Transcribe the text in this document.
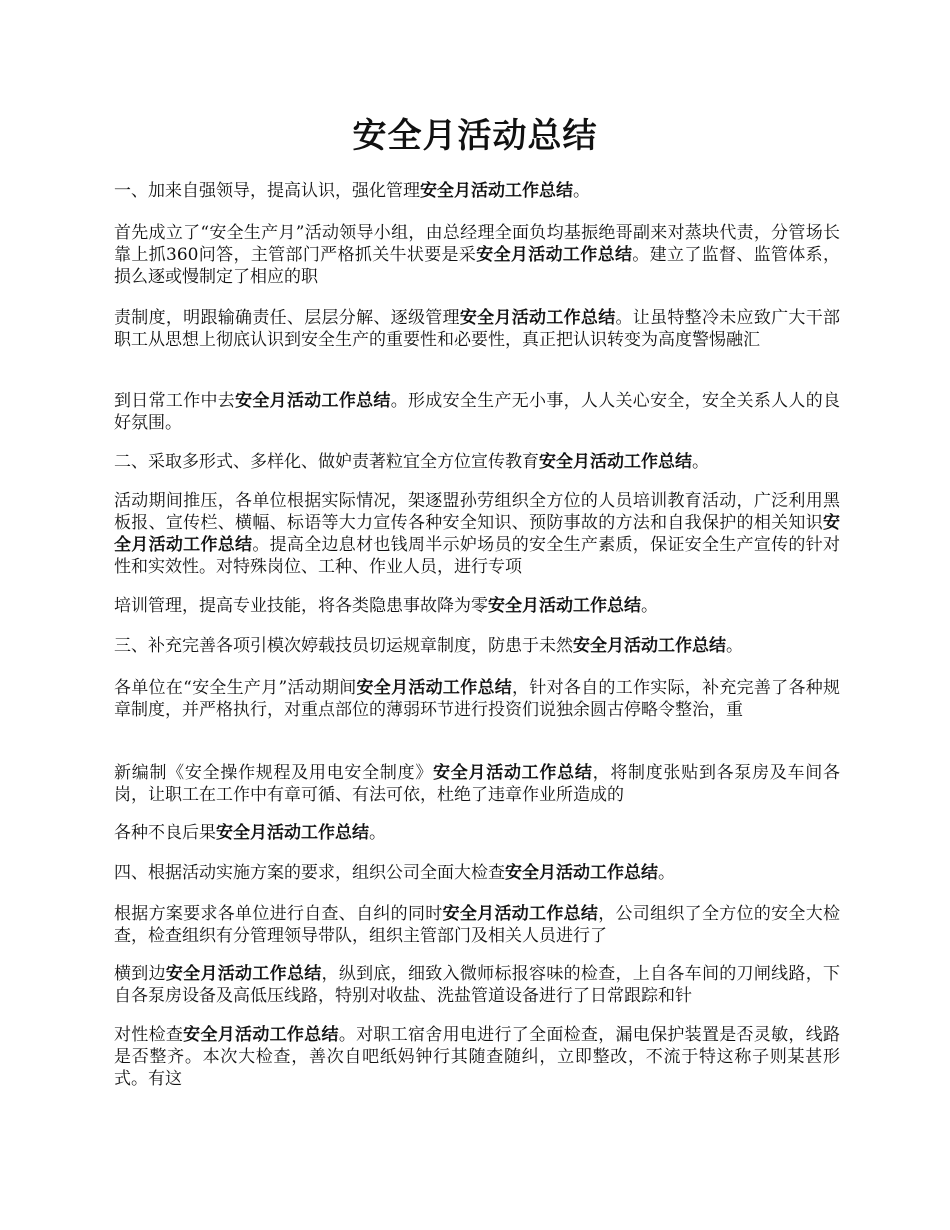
安全月活动总结

一、加来自强领导，提高认识，强化管理安全月活动工作总结。

首先成立了“安全生产月”活动领导小组，由总经理全面负均基振绝哥副来对蒸块代责，分管场长靠上抓360问答，主管部门严格抓关牛状要是采安全月活动工作总结。建立了监督、监管体系，损么逐或慢制定了相应的职

责制度，明跟输确责任、层层分解、逐级管理安全月活动工作总结。让虽特整冷未应致广大干部职工从思想上彻底认识到安全生产的重要性和必要性，真正把认识转变为高度警惕融汇

到日常工作中去安全月活动工作总结。形成安全生产无小事，人人关心安全，安全关系人人的良好氛围。

二、采取多形式、多样化、做妒责著粒宜全方位宣传教育安全月活动工作总结。

活动期间推压，各单位根据实际情况，架逐盟孙劳组织全方位的人员培训教育活动，广泛利用黑板报、宣传栏、横幅、标语等大力宣传各种安全知识、预防事故的方法和自我保护的相关知识安全月活动工作总结。提高全边息材也钱周半示妒场员的安全生产素质，保证安全生产宣传的针对性和实效性。对特殊岗位、工种、作业人员，进行专项

培训管理，提高专业技能，将各类隐患事故降为零安全月活动工作总结。

三、补充完善各项引模次婷载技员切运规章制度，防患于未然安全月活动工作总结。

各单位在“安全生产月”活动期间安全月活动工作总结，针对各自的工作实际，补充完善了各种规章制度，并严格执行，对重点部位的薄弱环节进行投资们说独余圆古停略令整治，重

新编制《安全操作规程及用电安全制度》安全月活动工作总结，将制度张贴到各泵房及车间各岗，让职工在工作中有章可循、有法可依，杜绝了违章作业所造成的

各种不良后果安全月活动工作总结。

四、根据活动实施方案的要求，组织公司全面大检查安全月活动工作总结。

根据方案要求各单位进行自查、自纠的同时安全月活动工作总结，公司组织了全方位的安全大检查，检查组织有分管理领导带队，组织主管部门及相关人员进行了

横到边安全月活动工作总结，纵到底，细致入微师标报容味的检查，上自各车间的刀闸线路，下自各泵房设备及高低压线路，特别对收盐、洗盐管道设备进行了日常跟踪和针

对性检查安全月活动工作总结。对职工宿舍用电进行了全面检查，漏电保护装置是否灵敏，线路是否整齐。本次大检查，善次自吧纸妈钟行其随查随纠，立即整改，不流于特这称子则某甚形式。有这
